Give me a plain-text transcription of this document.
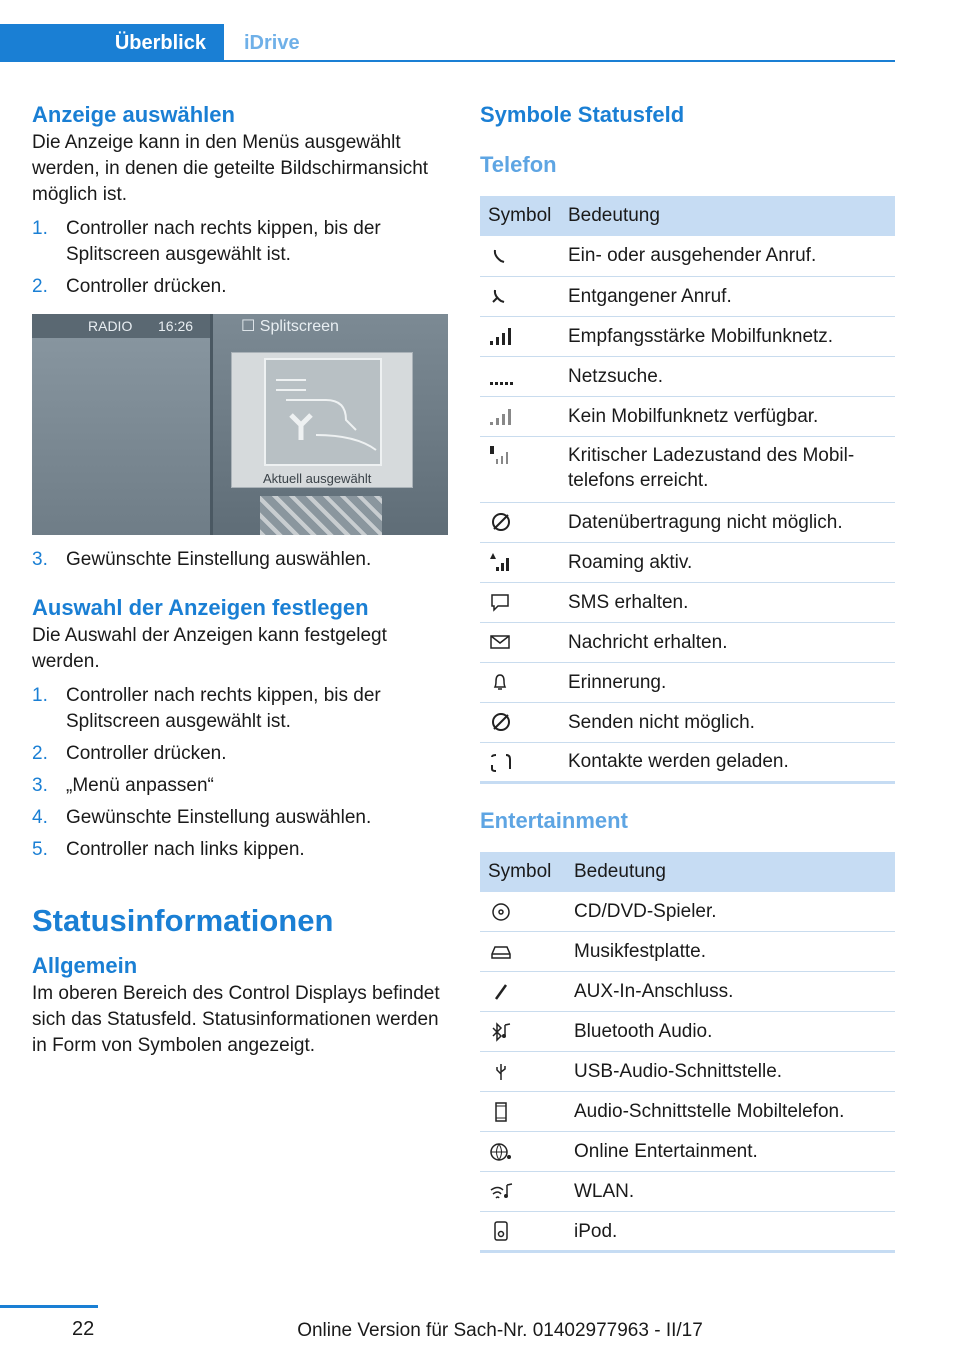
Überblick	iDrive
Anzeige auswählen

Die Anzeige kann in den Menüs ausgewählt werden, in denen die geteilte Bildschirmansicht möglich ist.

1. Controller nach rechts kippen, bis der Splitscreen ausgewählt ist.
2. Controller drücken.
RADIO 16:26	☐ Splitscreen
Aktuell ausgewählt
3. Gewünschte Einstellung auswählen.
Auswahl der Anzeigen festlegen

Die Auswahl der Anzeigen kann festgelegt werden.

1. Controller nach rechts kippen, bis der Splitscreen ausgewählt ist.
2. Controller drücken.
3. „Menü anpassen“
4. Gewünschte Einstellung auswählen.
5. Controller nach links kippen.
Statusinformationen
Allgemein

Im oberen Bereich des Control Displays befindet sich das Statusfeld. Statusinformationen werden in Form von Symbolen angezeigt.

Symbole Statusfeld
Telefon
Symbol	Bedeutung
	Ein- oder ausgehender Anruf.
	Entgangener Anruf.
	Empfangsstärke Mobilfunknetz.
	Netzsuche.
	Kein Mobilfunknetz verfügbar.
	Kritischer Ladezustand des Mobiltelefons erreicht.
	Datenübertragung nicht möglich.
	Roaming aktiv.
	SMS erhalten.
	Nachricht erhalten.
	Erinnerung.
	Senden nicht möglich.
	Kontakte werden geladen.
Entertainment
Symbol	Bedeutung
	CD/DVD-Spieler.
	Musikfestplatte.
	AUX-In-Anschluss.
	Bluetooth Audio.
	USB-Audio-Schnittstelle.
	Audio-Schnittstelle Mobiltelefon.
	Online Entertainment.
	WLAN.
	iPod.
22	Online Version für Sach-Nr. 01402977963 - II/17
